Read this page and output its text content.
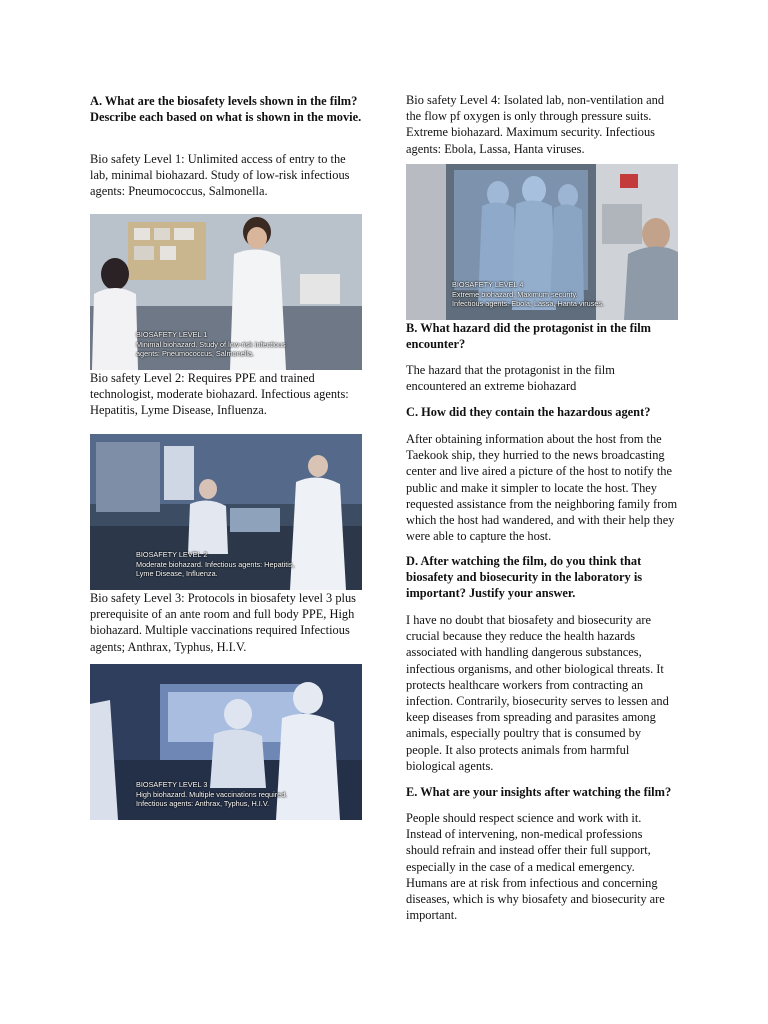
A. What are the biosafety levels shown in the film? Describe each based on what is shown in the movie.

Bio safety Level 1: Unlimited access of entry to the lab, minimal biohazard. Study of low-risk infectious agents: Pneumococcus, Salmonella.

BIOSAFETY LEVEL 1
Minimal biohazard. Study of low-risk infectious
agents: Pneumococcus, Salmonella.

Bio safety Level 2: Requires PPE and trained technologist, moderate biohazard. Infectious agents: Hepatitis, Lyme Disease, Influenza.

BIOSAFETY LEVEL 2
Moderate biohazard. Infectious agents: Hepatitis,
Lyme Disease, Influenza.

Bio safety Level 3: Protocols in biosafety level 3 plus prerequisite of an ante room and full body PPE, High biohazard. Multiple vaccinations required Infectious agents; Anthrax, Typhus, H.I.V.

BIOSAFETY LEVEL 3
High biohazard. Multiple vaccinations required.
Infectious agents: Anthrax, Typhus, H.I.V.

Bio safety Level 4: Isolated lab, non-ventilation and the flow pf oxygen is only through pressure suits. Extreme biohazard. Maximum security. Infectious agents: Ebola, Lassa, Hanta viruses.

BIOSAFETY LEVEL 4
Extreme biohazard. Maximum security.
Infectious agents: Ebola, Lassa, Hanta viruses.
B. What hazard did the protagonist in the film encounter?

The hazard that the protagonist in the film encountered an extreme biohazard

C. How did they contain the hazardous agent?

After obtaining information about the host from the Taekook ship, they hurried to the news broadcasting center and live aired a picture of the host to notify the public and make it simpler to locate the host. They requested assistance from the neighboring family from which the host had wandered, and with their help they were able to capture the host.

D. After watching the film, do you think that biosafety and biosecurity in the laboratory is important? Justify your answer.

I have no doubt that biosafety and biosecurity are crucial because they reduce the health hazards associated with handling dangerous substances, infectious organisms, and other biological threats. It protects healthcare workers from contracting an infection. Contrarily, biosecurity serves to lessen and keep diseases from spreading and parasites among animals, especially poultry that is consumed by people. It also protects animals from harmful biological agents.

E. What are your insights after watching the film?

People should respect science and work with it. Instead of intervening, non-medical professions should refrain and instead offer their full support, especially in the case of a medical emergency. Humans are at risk from infectious and concerning diseases, which is why biosafety and biosecurity are important.
